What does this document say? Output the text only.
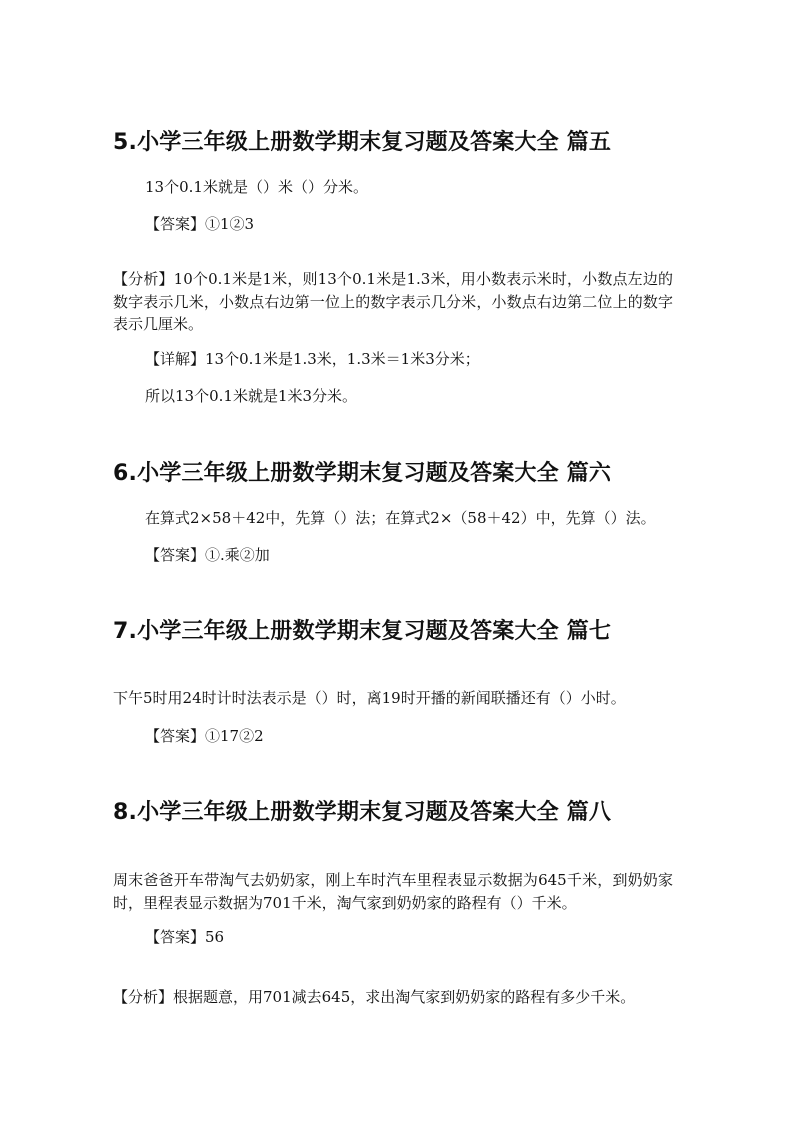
5.小学三年级上册数学期末复习题及答案大全 篇五
13个0.1米就是（）米（）分米。
【答案】①1②3
【分析】10个0.1米是1米，则13个0.1米是1.3米，用小数表示米时，小数点左边的数字表示几米，小数点右边第一位上的数字表示几分米，小数点右边第二位上的数字表示几厘米。
【详解】13个0.1米是1.3米，1.3米＝1米3分米；
所以13个0.1米就是1米3分米。
6.小学三年级上册数学期末复习题及答案大全 篇六
在算式2×58＋42中，先算（）法；在算式2×（58＋42）中，先算（）法。
【答案】①.乘②加
7.小学三年级上册数学期末复习题及答案大全 篇七
下午5时用24时计时法表示是（）时，离19时开播的新闻联播还有（）小时。
【答案】①17②2
8.小学三年级上册数学期末复习题及答案大全 篇八
周末爸爸开车带淘气去奶奶家，刚上车时汽车里程表显示数据为645千米，到奶奶家时，里程表显示数据为701千米，淘气家到奶奶家的路程有（）千米。
【答案】56
【分析】根据题意，用701减去645，求出淘气家到奶奶家的路程有多少千米。
